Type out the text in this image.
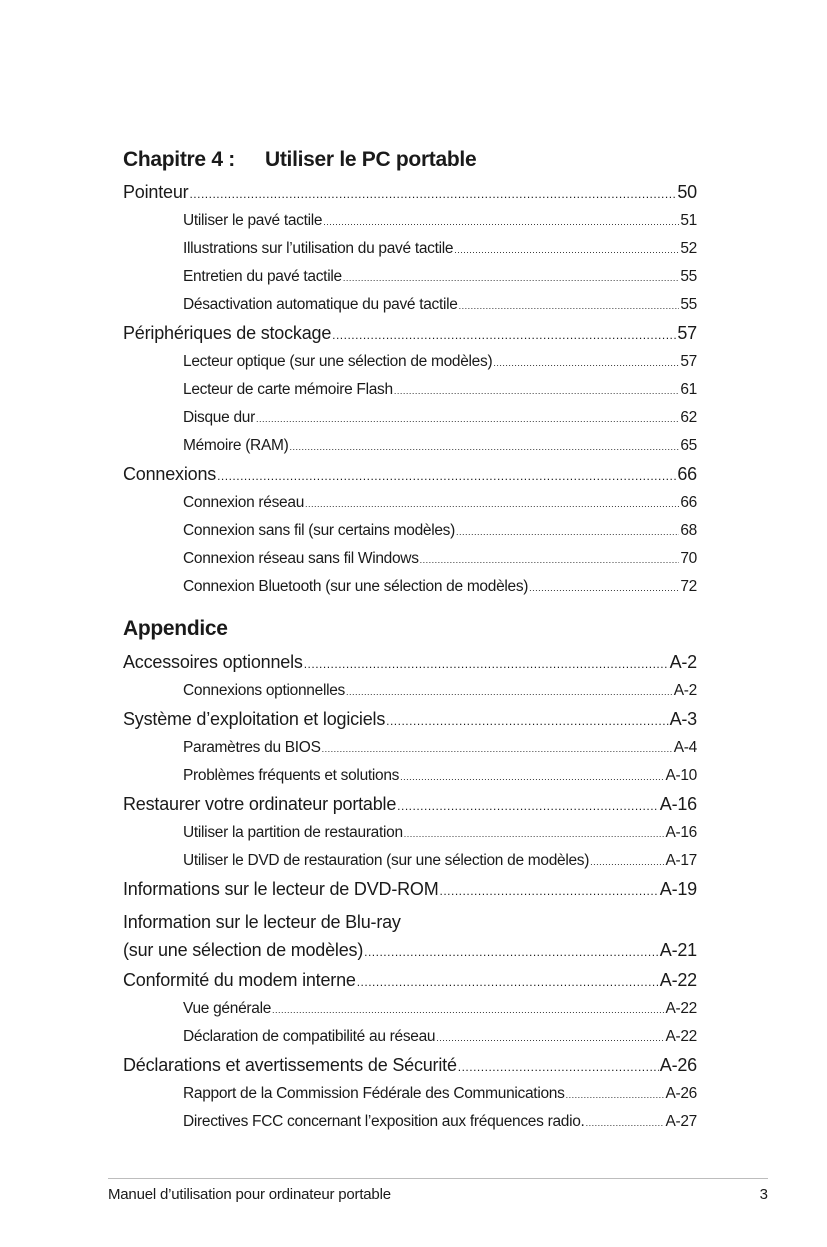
Chapitre 4 : Utiliser le PC portable
Pointeur .....	50
Utiliser le pavé tactile .....	51
Illustrations sur l’utilisation du pavé tactile .....	52
Entretien du pavé tactile .....	55
Désactivation automatique du pavé tactile .....	55
Périphériques de stockage .....	57
Lecteur optique (sur une sélection de modèles) .....	57
Lecteur de carte mémoire Flash .....	61
Disque dur .....	62
Mémoire (RAM) .....	65
Connexions .....	66
Connexion réseau .....	66
Connexion sans fil (sur certains modèles) .....	68
Connexion réseau sans fil Windows .....	70
Connexion Bluetooth (sur une sélection de modèles) .....	72
Appendice
Accessoires optionnels .....	A-2
Connexions optionnelles .....	A-2
Système d’exploitation et logiciels .....	A-3
Paramètres du BIOS .....	A-4
Problèmes fréquents et solutions .....	A-10
Restaurer votre ordinateur portable .....	A-16
Utiliser la partition de restauration .....	A-16
Utiliser le DVD de restauration (sur une sélection de modèles) .....	A-17
Informations sur le lecteur de DVD-ROM .....	A-19
Information sur le lecteur de Blu-ray
(sur une sélection de modèles) .....	A-21
Conformité du modem interne .....	A-22
Vue générale .....	A-22
Déclaration de compatibilité au réseau .....	A-22
Déclarations et avertissements de Sécurité .....	A-26
Rapport de la Commission Fédérale des Communications .....	A-26
Directives FCC concernant l’exposition aux fréquences radio. .....	A-27
Manuel d’utilisation pour ordinateur portable	3
